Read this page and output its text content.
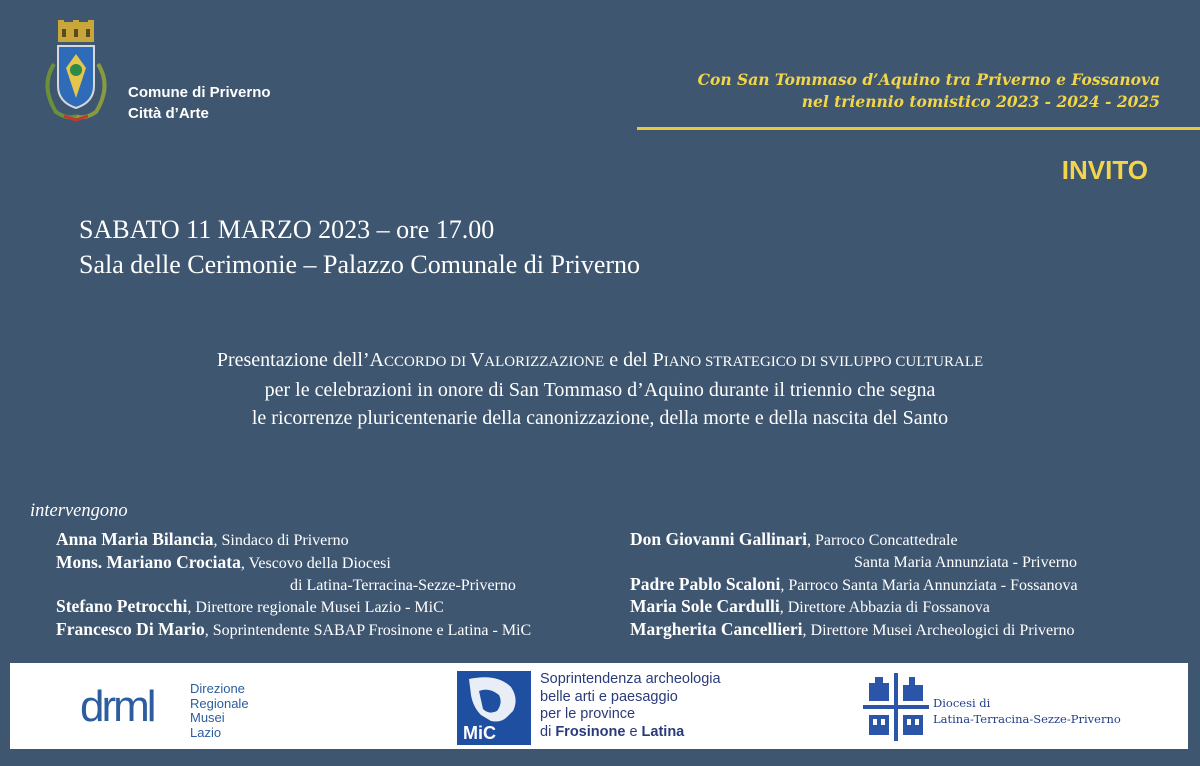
Comune di Priverno
Città d’Arte
Con San Tommaso d’Aquino tra Priverno e Fossanova
nel triennio tomistico 2023 - 2024 - 2025
INVITO
SABATO 11 MARZO 2023 – ore 17.00
Sala delle Cerimonie – Palazzo Comunale di Priverno
Presentazione dell’ACCORDO DI VALORIZZAZIONE e del PIANO STRATEGICO DI SVILUPPO CULTURALE
per le celebrazioni in onore di San Tommaso d’Aquino durante il triennio che segna
le ricorrenze pluricentenarie della canonizzazione, della morte e della nascita del Santo
intervengono
Anna Maria Bilancia, Sindaco di Priverno
Mons. Mariano Crociata, Vescovo della Diocesi
di Latina-Terracina-Sezze-Priverno
Stefano Petrocchi, Direttore regionale Musei Lazio - MiC
Francesco Di Mario, Soprintendente SABAP Frosinone e Latina - MiC
Don Giovanni Gallinari, Parroco Concattedrale
Santa Maria Annunziata - Priverno
Padre Pablo Scaloni, Parroco Santa Maria Annunziata - Fossanova
Maria Sole Cardulli, Direttore Abbazia di Fossanova
Margherita Cancellieri, Direttore Musei Archeologici di Priverno
drml	Direzione
Regionale
Musei
Lazio	MiC
Soprintendenza archeologia
belle arti e paesaggio
per le province
di Frosinone e Latina
Diocesi di
Latina-Terracina-Sezze-Priverno
